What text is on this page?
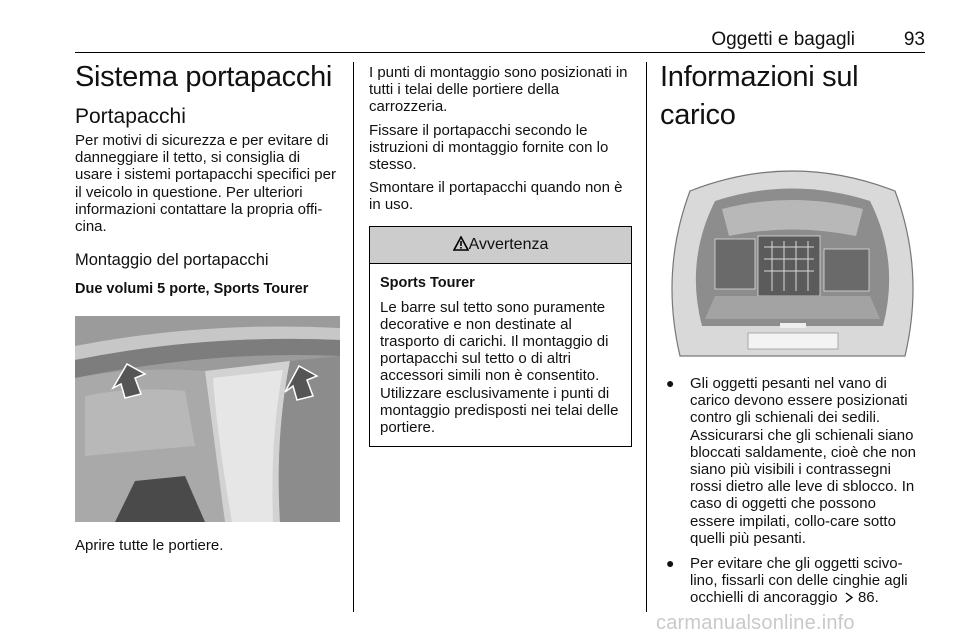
Oggetti e bagagli	93
Sistema portapacchi
Portapacchi

Per motivi di sicurezza e per evitare di danneggiare il tetto, si consiglia di usare i sistemi portapacchi specifici per il veicolo in questione. Per ulteriori informazioni contattare la propria offi-cina.

Montaggio del portapacchi
Due volumi 5 porte, Sports Tourer

Aprire tutte le portiere.

I punti di montaggio sono posizionati in tutti i telai delle portiere della carrozzeria.

Fissare il portapacchi secondo le istruzioni di montaggio fornite con lo stesso.

Smontare il portapacchi quando non è in uso.

Avvertenza
Sports Tourer

Le barre sul tetto sono puramente decorative e non destinate al trasporto di carichi. Il montaggio di portapacchi sul tetto o di altri accessori simili non è consentito. Utilizzare esclusivamente i punti di montaggio predisposti nei telai delle portiere.

Informazioni sul carico
● Gli oggetti pesanti nel vano di carico devono essere posizionati contro gli schienali dei sedili. Assicurarsi che gli schienali siano bloccati saldamente, cioè che non siano più visibili i contrassegni rossi dietro alle leve di sblocco. In caso di oggetti che possono essere impilati, collo-care sotto quelli più pesanti.
● Per evitare che gli oggetti scivo-lino, fissarli con delle cinghie agli occhielli di ancoraggio 86.
carmanualsonline.info
